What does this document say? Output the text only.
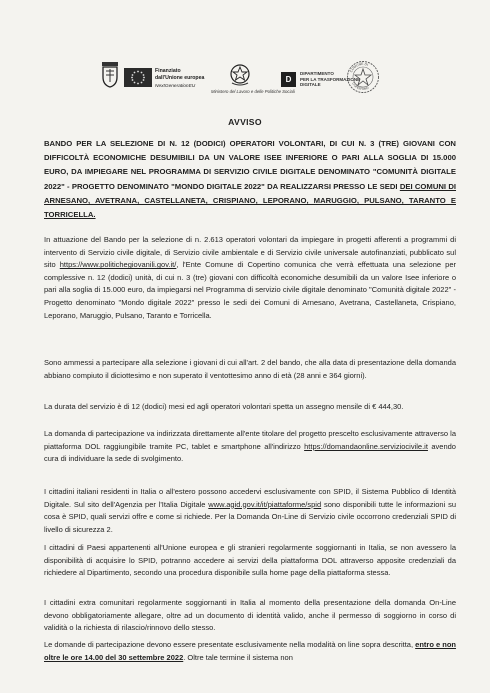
Finanziato
dall'Unione europea
NextGenerationEU
Ministero del Lavoro e delle Politiche Sociali
D
DIPARTIMENTO
PER LA TRASFORMAZIONE
DIGITALE
COMUNE DI
COPERTINO
AVVISO
BANDO PER LA SELEZIONE DI N. 12 (DODICI) OPERATORI VOLONTARI, DI CUI N. 3 (TRE) GIOVANI CON DIFFICOLTÀ ECONOMICHE DESUMIBILI DA UN VALORE ISEE INFERIORE O PARI ALLA SOGLIA DI 15.000 EURO, DA IMPIEGARE NEL PROGRAMMA DI SERVIZIO CIVILE DIGITALE DENOMINATO "COMUNITÀ DIGITALE 2022" - PROGETTO DENOMINATO "MONDO DIGITALE 2022" DA REALIZZARSI PRESSO LE SEDI DEI COMUNI DI ARNESANO, AVETRANA, CASTELLANETA, CRISPIANO, LEPORANO, MARUGGIO, PULSANO, TARANTO E TORRICELLA.
In attuazione del Bando per la selezione di n. 2.613 operatori volontari da impiegare in progetti afferenti a programmi di intervento di Servizio civile digitale, di Servizio civile ambientale e di Servizio civile universale autofinanziati, pubblicato sul sito https://www.politichegiovanili.gov.it/, l'Ente Comune di Copertino comunica che verrà effettuata una selezione per complessive n. 12 (dodici) unità, di cui n. 3 (tre) giovani con difficoltà economiche desumibili da un valore Isee inferiore o pari alla soglia di 15.000 euro, da impiegarsi nel Programma di servizio civile digitale denominato "Comunità digitale 2022" - Progetto denominato "Mondo digitale 2022" presso le sedi dei Comuni di Arnesano, Avetrana, Castellaneta, Crispiano, Leporano, Maruggio, Pulsano, Taranto e Torricella.
Sono ammessi a partecipare alla selezione i giovani di cui all'art. 2 del bando, che alla data di presentazione della domanda abbiano compiuto il diciottesimo e non superato il ventottesimo anno di età (28 anni e 364 giorni).
La durata del servizio è di 12 (dodici) mesi ed agli operatori volontari spetta un assegno mensile di € 444,30.
La domanda di partecipazione va indirizzata direttamente all'ente titolare del progetto prescelto esclusivamente attraverso la piattaforma DOL raggiungibile tramite PC, tablet e smartphone all'indirizzo https://domandaonline.serviziocivile.it avendo cura di individuare la sede di svolgimento.
I cittadini italiani residenti in Italia o all'estero possono accedervi esclusivamente con SPID, il Sistema Pubblico di Identità Digitale. Sul sito dell'Agenzia per l'Italia Digitale www.agid.gov.it/it/piattaforme/spid sono disponibili tutte le informazioni su cosa è SPID, quali servizi offre e come si richiede. Per la Domanda On-Line di Servizio civile occorrono credenziali SPID di livello di sicurezza 2.
I cittadini di Paesi appartenenti all'Unione europea e gli stranieri regolarmente soggiornanti in Italia, se non avessero la disponibilità di acquisire lo SPID, potranno accedere ai servizi della piattaforma DOL attraverso apposite credenziali da richiedere al Dipartimento, secondo una procedura disponibile sulla home page della piattaforma stessa.
I cittadini extra comunitari regolarmente soggiornanti in Italia al momento della presentazione della domanda On-Line devono obbligatoriamente allegare, oltre ad un documento di identità valido, anche il permesso di soggiorno in corso di validità o la richiesta di rilascio/rinnovo dello stesso.
Le domande di partecipazione devono essere presentate esclusivamente nella modalità on line sopra descritta, entro e non oltre le ore 14.00 del 30 settembre 2022. Oltre tale termine il sistema non
